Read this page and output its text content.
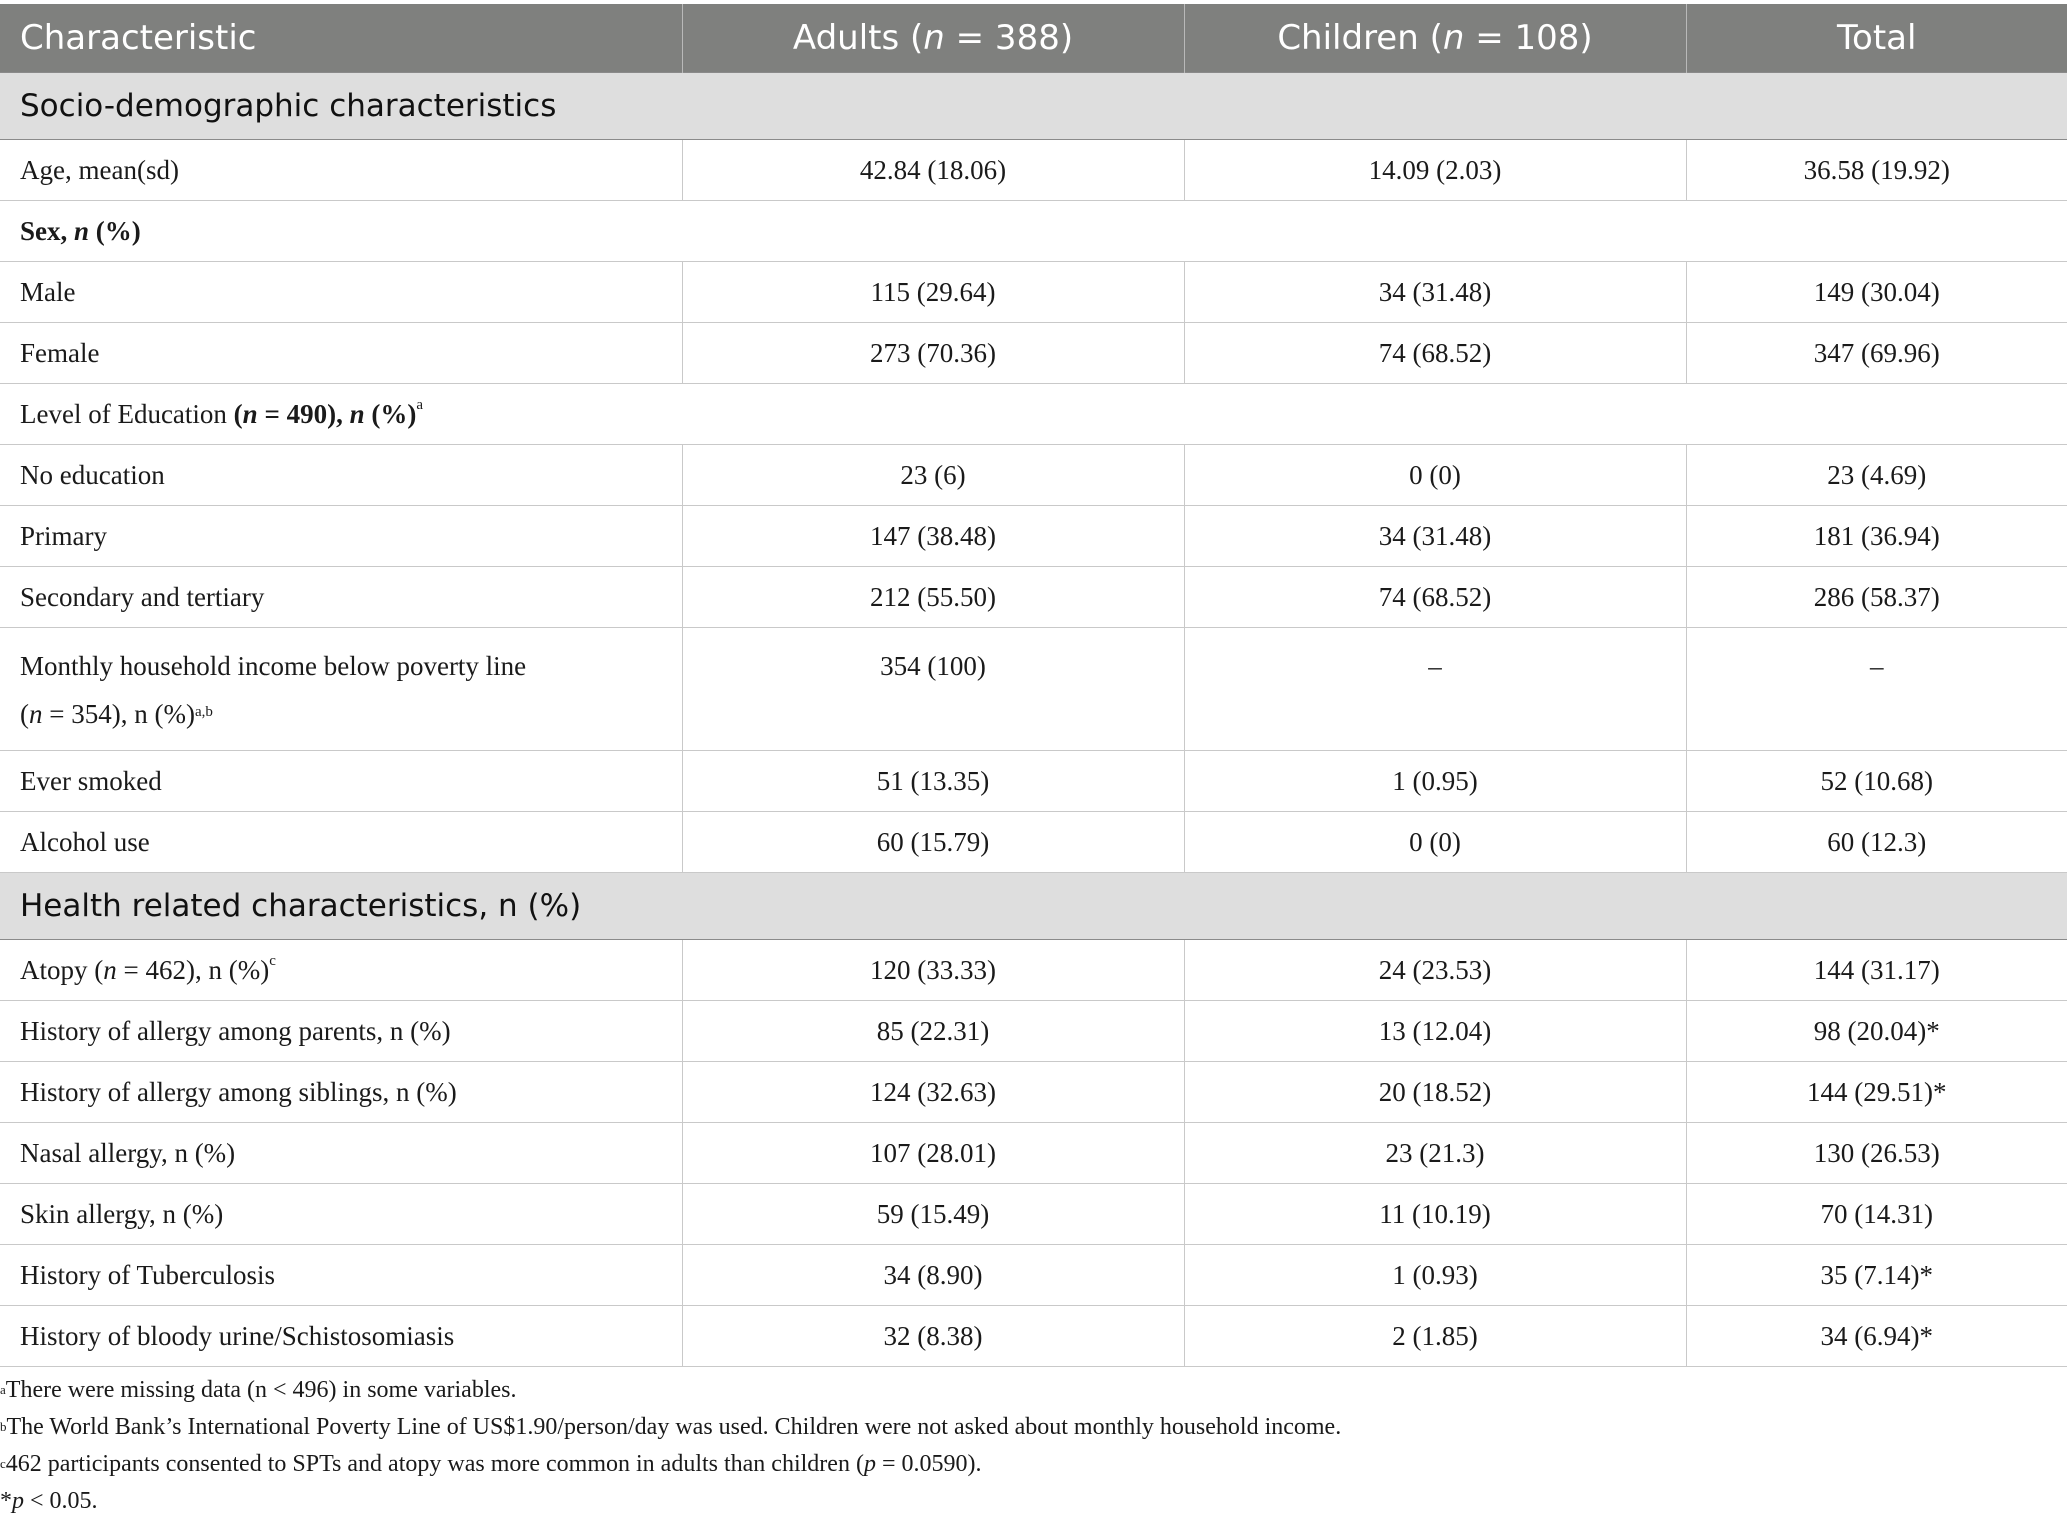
Characteristic	Adults (n = 388)	Children (n = 108)	Total
Socio-demographic characteristics			
Age, mean(sd)	42.84 (18.06)	14.09 (2.03)	36.58 (19.92)
Sex, n (%)			
Male	115 (29.64)	34 (31.48)	149 (30.04)
Female	273 (70.36)	74 (68.52)	347 (69.96)
Level of Education (n = 490), n (%)$^a$
No education	23 (6)	0 (0)	23 (4.69)
Primary	147 (38.48)	34 (31.48)	181 (36.94)
Secondary and tertiary	212 (55.50)	74 (68.52)	286 (58.37)
Monthly household income below poverty line
(n = 354), n (%)$^{a,b}$	354 (100)	–	–
Ever smoked	51 (13.35)	1 (0.95)	52 (10.68)
Alcohol use	60 (15.79)	0 (0)	60 (12.3)
Health related characteristics, n (%)			
Atopy (n = 462), n (%)$^c$	120 (33.33)	24 (23.53)	144 (31.17)
History of allergy among parents, n (%)	85 (22.31)	13 (12.04)	98 (20.04)*
History of allergy among siblings, n (%)	124 (32.63)	20 (18.52)	144 (29.51)*
Nasal allergy, n (%)	107 (28.01)	23 (21.3)	130 (26.53)
Skin allergy, n (%)	59 (15.49)	11 (10.19)	70 (14.31)
History of Tuberculosis	34 (8.90)	1 (0.93)	35 (7.14)*
History of bloody urine/Schistosomiasis	32 (8.38)	2 (1.85)	34 (6.94)*
$^a$There were missing data (n < 496) in some variables.
$^b$The World Bank’s International Poverty Line of US$1.90/person/day was used. Children were not asked about monthly household income.
$^c$462 participants consented to SPTs and atopy was more common in adults than children (p = 0.0590).
*p < 0.05.
